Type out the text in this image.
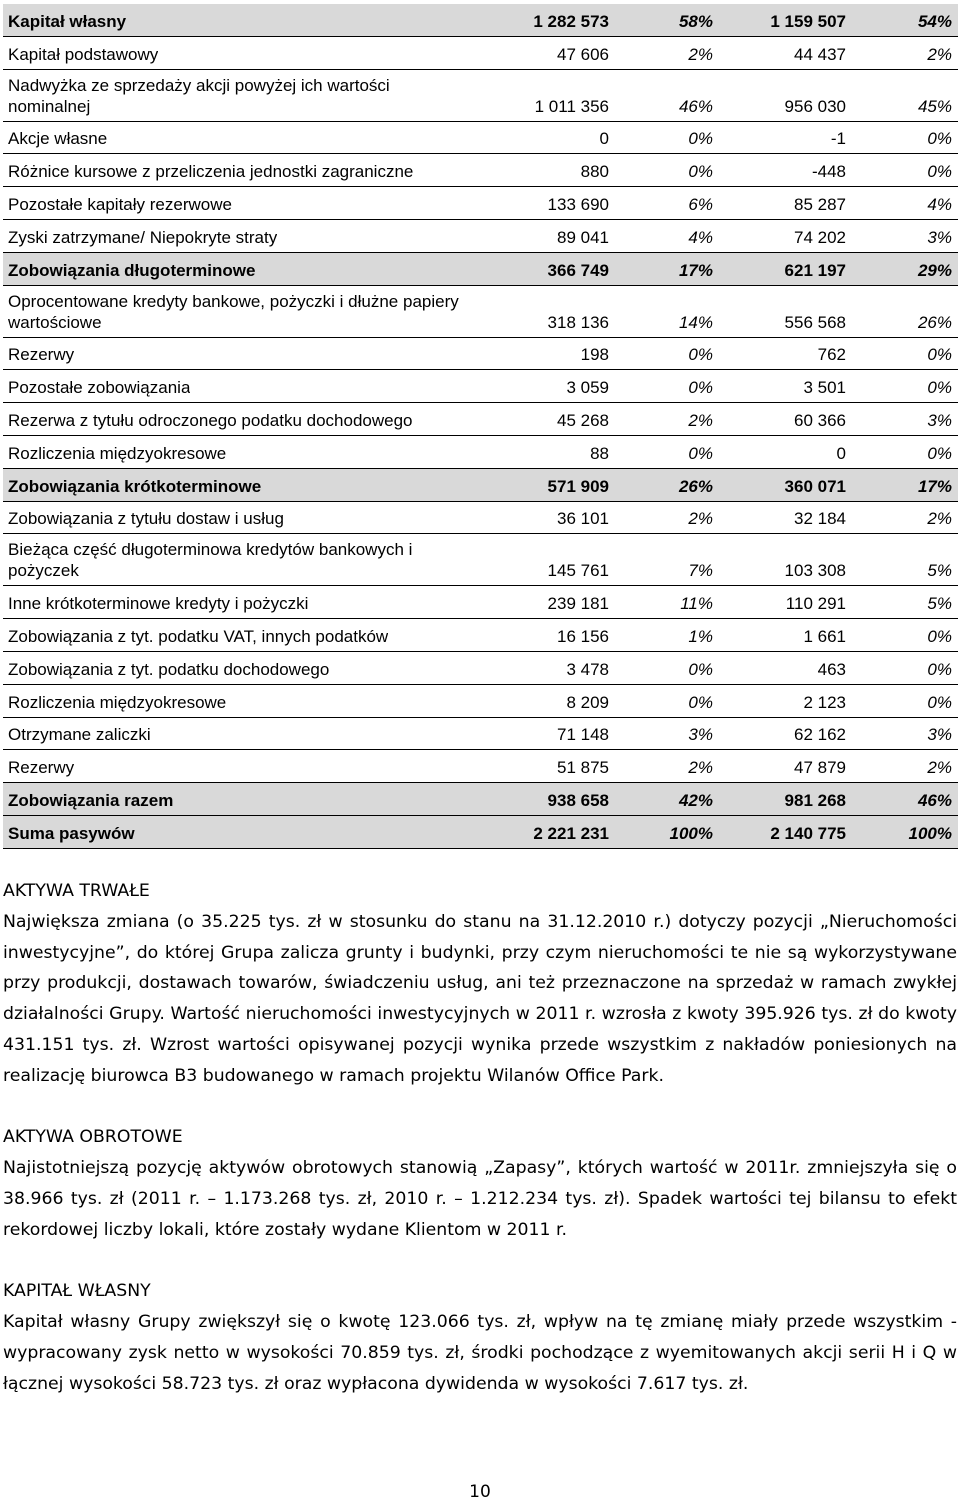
Kapitał własny	1 282 573	58%	1 159 507	54%
Kapitał podstawowy	47 606	2%	44 437	2%
Nadwyżka ze sprzedaży akcji powyżej ich wartości nominalnej	1 011 356	46%	956 030	45%
Akcje własne	0	0%	-1	0%
Różnice kursowe z przeliczenia jednostki zagraniczne	880	0%	-448	0%
Pozostałe kapitały rezerwowe	133 690	6%	85 287	4%
Zyski zatrzymane/ Niepokryte straty	89 041	4%	74 202	3%
Zobowiązania długoterminowe	366 749	17%	621 197	29%
Oprocentowane kredyty bankowe, pożyczki i dłużne papiery wartościowe	318 136	14%	556 568	26%
Rezerwy	198	0%	762	0%
Pozostałe zobowiązania	3 059	0%	3 501	0%
Rezerwa z tytułu odroczonego podatku dochodowego	45 268	2%	60 366	3%
Rozliczenia międzyokresowe	88	0%	0	0%
Zobowiązania krótkoterminowe	571 909	26%	360 071	17%
Zobowiązania z tytułu dostaw i usług	36 101	2%	32 184	2%
Bieżąca część długoterminowa kredytów bankowych i pożyczek	145 761	7%	103 308	5%
Inne krótkoterminowe kredyty i pożyczki	239 181	11%	110 291	5%
Zobowiązania z tyt. podatku VAT, innych podatków	16 156	1%	1 661	0%
Zobowiązania z tyt. podatku dochodowego	3 478	0%	463	0%
Rozliczenia międzyokresowe	8 209	0%	2 123	0%
Otrzymane zaliczki	71 148	3%	62 162	3%
Rezerwy	51 875	2%	47 879	2%
Zobowiązania razem	938 658	42%	981 268	46%
Suma pasywów	2 221 231	100%	2 140 775	100%
AKTYWA TRWAŁE

Największa zmiana (o 35.225 tys. zł w stosunku do stanu na 31.12.2010 r.) dotyczy pozycji „Nieruchomości inwestycyjne”, do której Grupa zalicza grunty i budynki, przy czym nieruchomości te nie są wykorzystywane przy produkcji, dostawach towarów, świadczeniu usług, ani też przeznaczone na sprzedaż w ramach zwykłej działalności Grupy. Wartość nieruchomości inwestycyjnych w 2011 r. wzrosła z kwoty 395.926 tys. zł do kwoty 431.151 tys. zł. Wzrost wartości opisywanej pozycji wynika przede wszystkim z nakładów poniesionych na realizację biurowca B3 budowanego w ramach projektu Wilanów Office Park.

AKTYWA OBROTOWE

Najistotniejszą pozycję aktywów obrotowych stanowią „Zapasy”, których wartość w 2011r. zmniejszyła się o 38.966 tys. zł (2011 r. – 1.173.268 tys. zł, 2010 r. – 1.212.234 tys. zł). Spadek wartości tej bilansu to efekt rekordowej liczby lokali, które zostały wydane Klientom w 2011 r.

KAPITAŁ WŁASNY

Kapitał własny Grupy zwiększył się o kwotę 123.066 tys. zł, wpływ na tę zmianę miały przede wszystkim - wypracowany zysk netto w wysokości 70.859 tys. zł, środki pochodzące z wyemitowanych akcji serii H i Q w łącznej wysokości 58.723 tys. zł oraz wypłacona dywidenda w wysokości 7.617 tys. zł.

10
